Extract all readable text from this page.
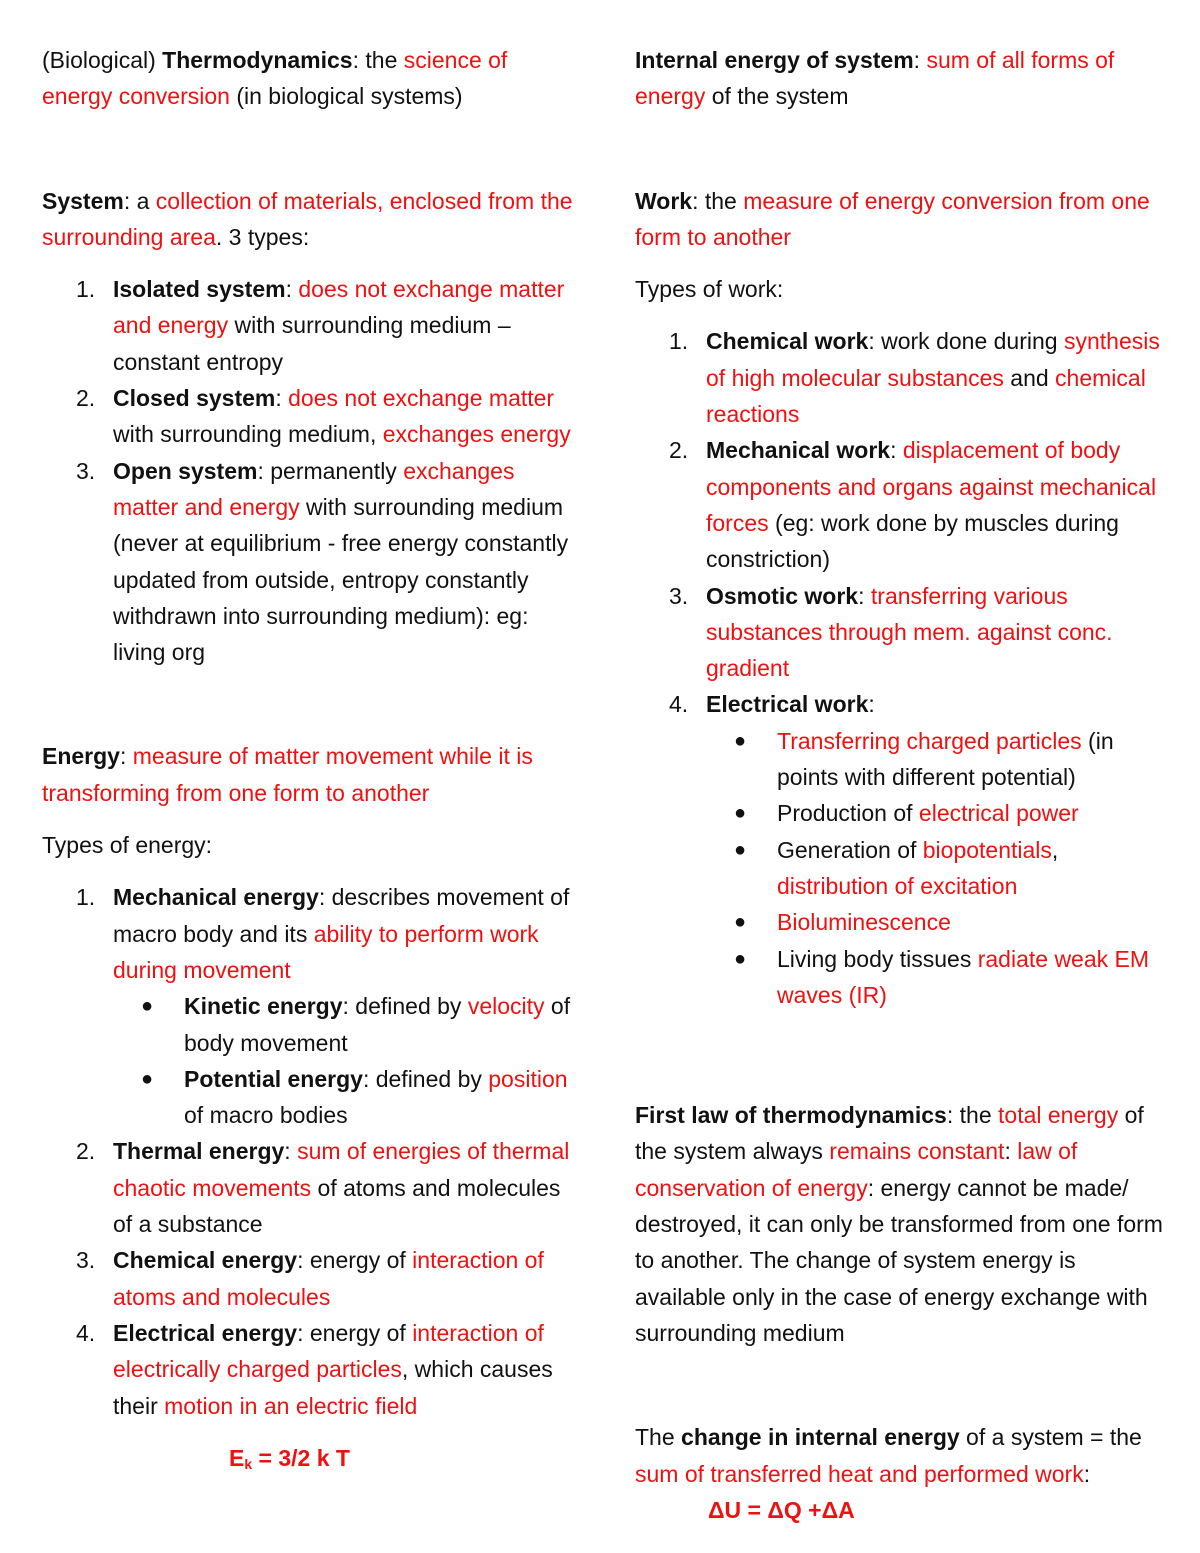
(Biological) Thermodynamics: the science of energy conversion (in biological systems)

System: a collection of materials, enclosed from the surrounding area. 3 types:

1. Isolated system: does not exchange matter and energy with surrounding medium – constant entropy
2. Closed system: does not exchange matter with surrounding medium, exchanges energy
3. Open system: permanently exchanges matter and energy with surrounding medium (never at equilibrium - free energy constantly updated from outside, entropy constantly withdrawn into surrounding medium): eg: living org

Energy: measure of matter movement while it is transforming from one form to another

Types of energy:

1. Mechanical energy: describes movement of macro body and its ability to perform work during movement
● Kinetic energy: defined by velocity of body movement
● Potential energy: defined by position of macro bodies
2. Thermal energy: sum of energies of thermal chaotic movements of atoms and molecules of a substance
3. Chemical energy: energy of interaction of atoms and molecules
4. Electrical energy: energy of interaction of electrically charged particles, which causes their motion in an electric field
$E_k = 3/2$ k T

Internal energy of system: sum of all forms of energy of the system

Work: the measure of energy conversion from one form to another

Types of work:

1. Chemical work: work done during synthesis of high molecular substances and chemical reactions
2. Mechanical work: displacement of body components and organs against mechanical forces (eg: work done by muscles during constriction)
3. Osmotic work: transferring various substances through mem. against conc. gradient
4. Electrical work:
● Transferring charged particles (in points with different potential)
● Production of electrical power
● Generation of biopotentials, distribution of excitation
● Bioluminescence
● Living body tissues radiate weak EM waves (IR)

First law of thermodynamics: the total energy of the system always remains constant: law of conservation of energy: energy cannot be made/ destroyed, it can only be transformed from one form to another. The change of system energy is available only in the case of energy exchange with surrounding medium

The change in internal energy of a system = the sum of transferred heat and performed work:ΔU = ΔQ +ΔA
